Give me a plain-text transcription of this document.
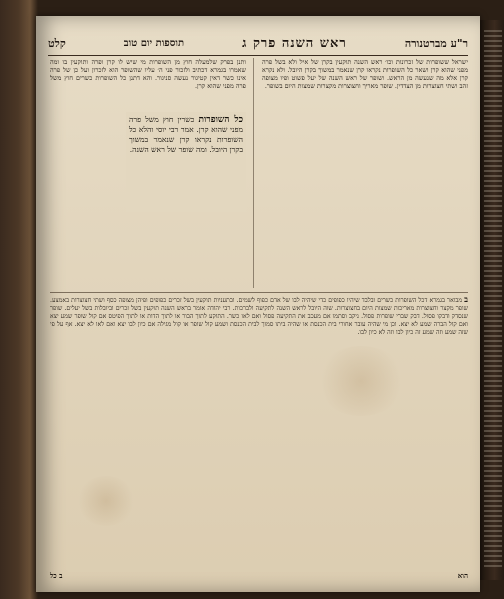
ר"ע מברטנורה
ראש השנה פרק ג
תוספות יום טוב
קלט

ישראל ששופרות של זכרונות וכו׳ ראש השנה תוקעין בקרן של איל ולא בשל פרה מפני שהוא קרן ושאר כל השופרות נקראו קרן שנאמר במשוך בקרן היובל. ולא נקרא קרן אלא מה שנעשה מן הראש. ושופר של ראש השנה של יעל פשוט ופיו מצופה זהב ושתי חצוצרות מן הצדדין. שופר מאריך וחצוצרות מקצרות שמצות היום בשופר.

ותנן בפרק שלמעלה חוץ מן השופרות מי שיש לו קרן ופרה ותוקעין בו ומה שאמרו בגמרא דכתיב ולזכור פני ה׳ עליו שהשופר הוא לזכרון ועל כן של פרה אינו כשר דאין קטיגור נעשה סניגור. והא דתנן כל השופרות כשרים חוץ משל פרה מפני שהוא קרן.

כל השופרות כשרין חוץ משל פרה מפני שהוא קרן. אמר רבי יוסי והלא כל השופרות נקראו קרן שנאמר במשוך בקרן היובל. ומה שופר של ראש השנה.
ב מבואר בגמרא דכל השופרות כשרים ובלבד שיהיו כפופים כדי שיהיה לבו של אדם כפוף לשמים. ובתעניות תוקעין בשל זכרים כפופים ופיהן מצופה כסף ושתי חצוצרות באמצע. שופר מקצר וחצוצרות מאריכות שמצות היום בחצוצרות. שוה היובל לראש השנה לתקיעה ולברכות. רבי יהודה אומר בראש השנה תוקעין בשל זכרים וביובלות בשל יעלים. שופר שנסדק ודבקו פסול. דבק שברי שופרות פסול. ניקב וסתמו אם מעכב את התקיעה פסול ואם לאו כשר. התוקע לתוך הבור או לתוך הדות או לתוך הפיטס אם קול שופר שמע יצא ואם קול הברה שמע לא יצא. וכן מי שהיה עובר אחורי בית הכנסת או שהיה ביתו סמוך לבית הכנסת ושמע קול שופר או קול מגילה אם כיון לבו יצא ואם לאו לא יצא. אף על פי שזה שמע וזה שמע זה כיון לבו וזה לא כיון לבו.
הוא
ב כל
